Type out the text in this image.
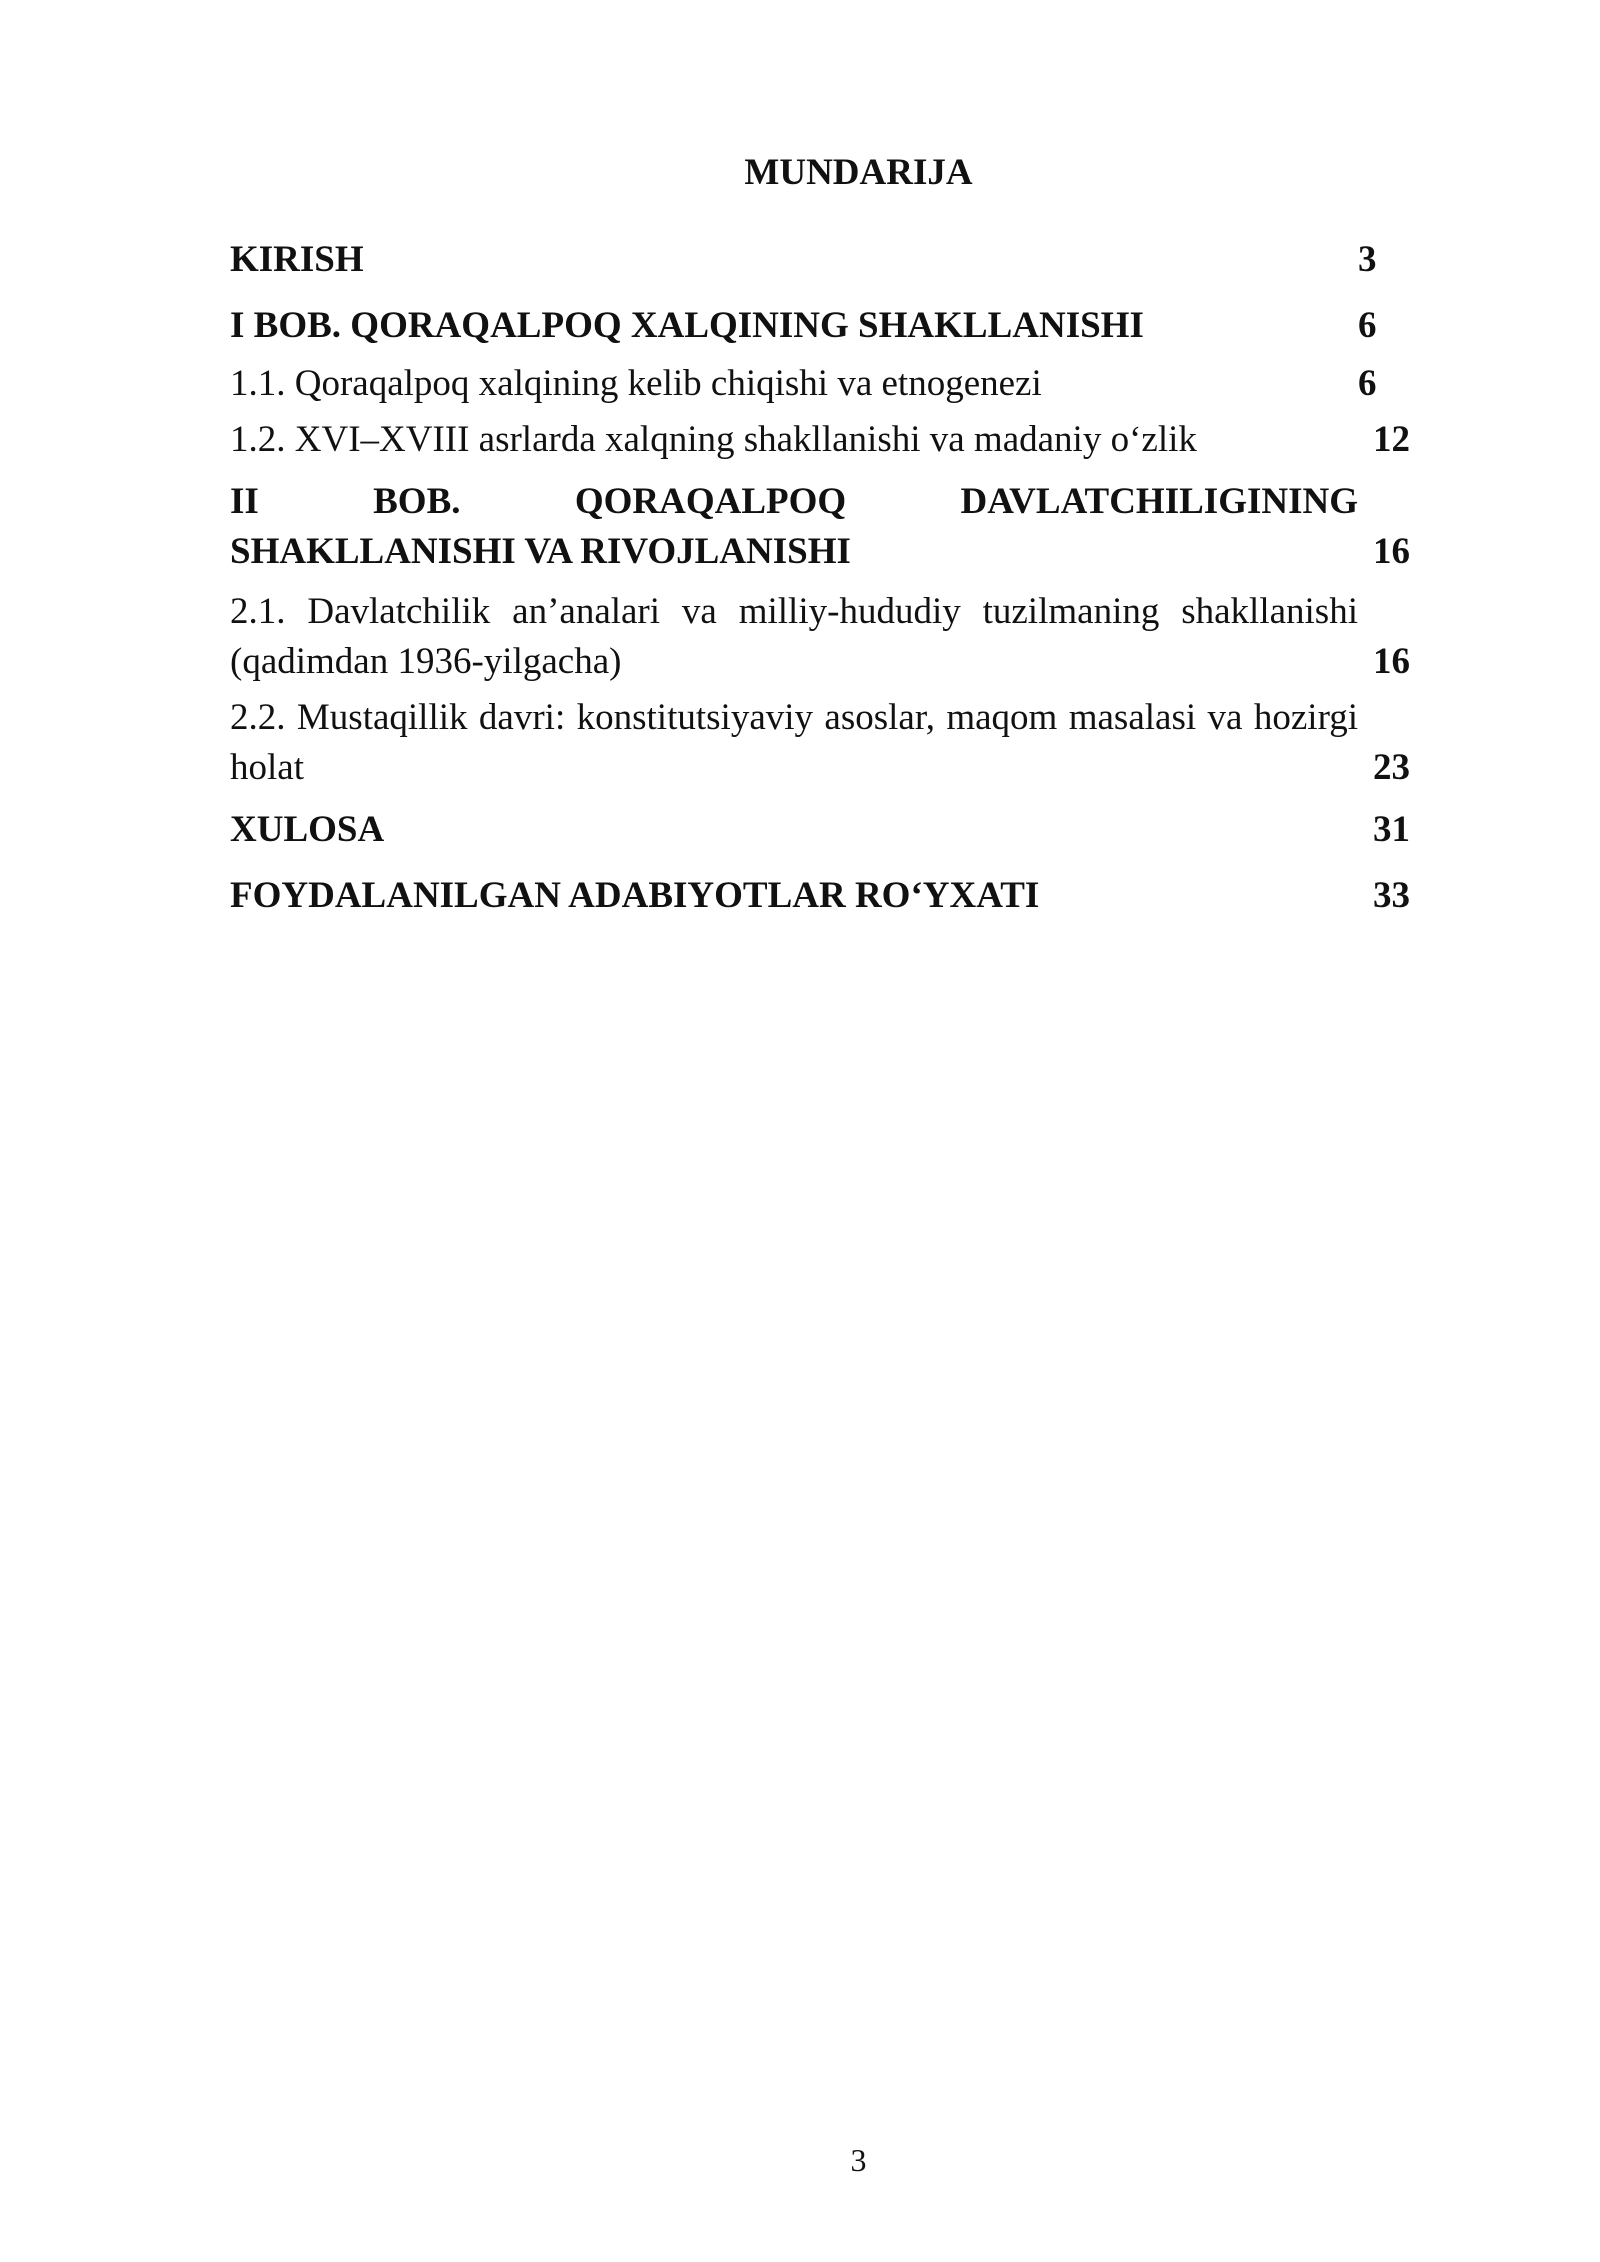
MUNDARIJA
KIRISH	3
I BOB. QORAQALPOQ XALQINING SHAKLLANISHI	6
1.1. Qoraqalpoq xalqining kelib chiqishi va etnogenezi	6
1.2. XVI–XVIII asrlarda xalqning shakllanishi va madaniy o‘zlik	12
II BOB. QORAQALPOQ DAVLATCHILIGINING
SHAKLLANISHI VA RIVOJLANISHI	16
2.1. Davlatchilik an’analari va milliy-hududiy tuzilmaning shakllanishi
(qadimdan 1936-yilgacha)	16
2.2. Mustaqillik davri: konstitutsiyaviy asoslar, maqom masalasi va hozirgi
holat	23
XULOSA	31
FOYDALANILGAN ADABIYOTLAR RO‘YXATI	33
3
